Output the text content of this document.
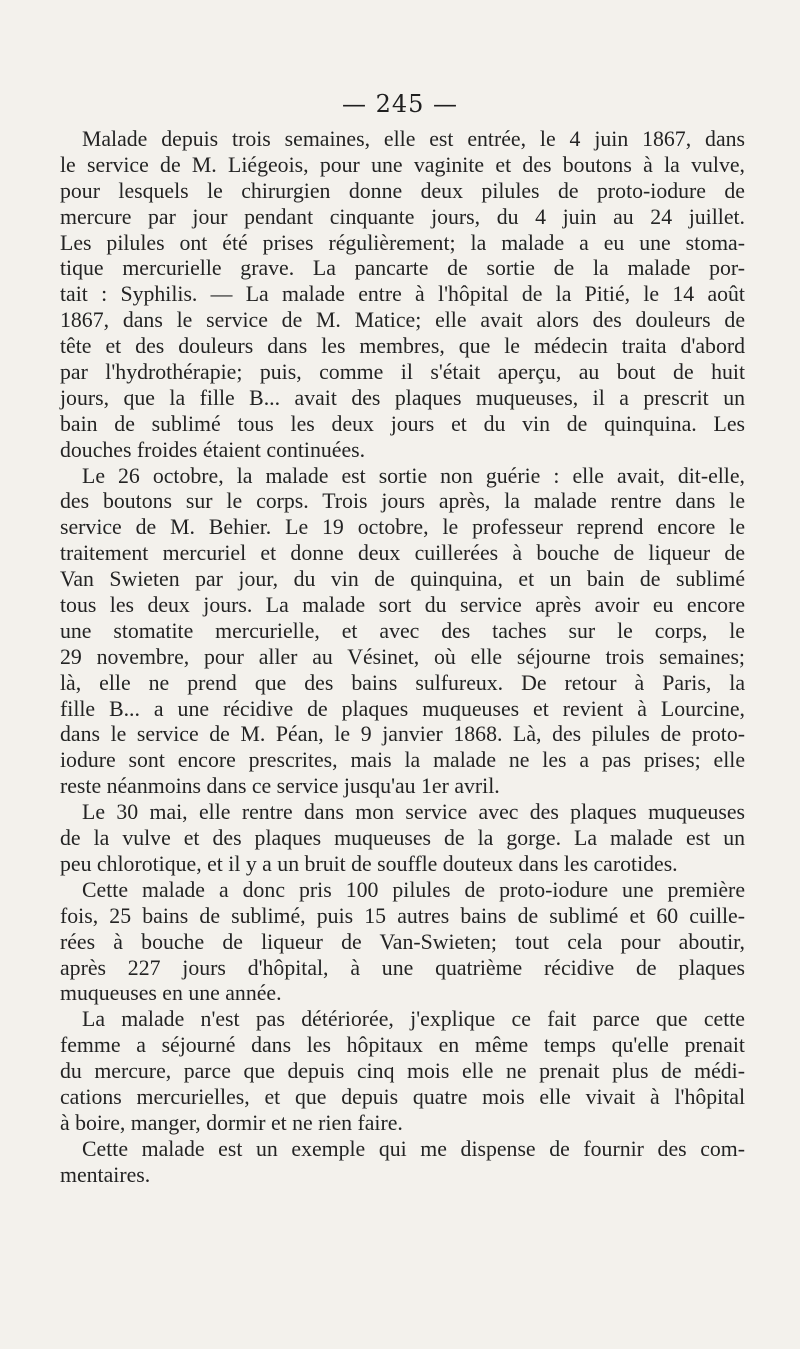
— 245 —
Malade depuis trois semaines, elle est entrée, le 4 juin 1867, dans
le service de M. Liégeois, pour une vaginite et des boutons à la vulve,
pour lesquels le chirurgien donne deux pilules de proto-iodure de
mercure par jour pendant cinquante jours, du 4 juin au 24 juillet.
Les pilules ont été prises régulièrement; la malade a eu une stoma-
tique mercurielle grave. La pancarte de sortie de la malade por-
tait : Syphilis. — La malade entre à l'hôpital de la Pitié, le 14 août
1867, dans le service de M. Matice; elle avait alors des douleurs de
tête et des douleurs dans les membres, que le médecin traita d'abord
par l'hydrothérapie; puis, comme il s'était aperçu, au bout de huit
jours, que la fille B... avait des plaques muqueuses, il a prescrit un
bain de sublimé tous les deux jours et du vin de quinquina. Les
douches froides étaient continuées.
Le 26 octobre, la malade est sortie non guérie : elle avait, dit-elle,
des boutons sur le corps. Trois jours après, la malade rentre dans le
service de M. Behier. Le 19 octobre, le professeur reprend encore le
traitement mercuriel et donne deux cuillerées à bouche de liqueur de
Van Swieten par jour, du vin de quinquina, et un bain de sublimé
tous les deux jours. La malade sort du service après avoir eu encore
une stomatite mercurielle, et avec des taches sur le corps, le
29 novembre, pour aller au Vésinet, où elle séjourne trois semaines;
là, elle ne prend que des bains sulfureux. De retour à Paris, la
fille B... a une récidive de plaques muqueuses et revient à Lourcine,
dans le service de M. Péan, le 9 janvier 1868. Là, des pilules de proto-
iodure sont encore prescrites, mais la malade ne les a pas prises; elle
reste néanmoins dans ce service jusqu'au 1er avril.
Le 30 mai, elle rentre dans mon service avec des plaques muqueuses
de la vulve et des plaques muqueuses de la gorge. La malade est un
peu chlorotique, et il y a un bruit de souffle douteux dans les carotides.
Cette malade a donc pris 100 pilules de proto-iodure une première
fois, 25 bains de sublimé, puis 15 autres bains de sublimé et 60 cuille-
rées à bouche de liqueur de Van-Swieten; tout cela pour aboutir,
après 227 jours d'hôpital, à une quatrième récidive de plaques
muqueuses en une année.
La malade n'est pas détériorée, j'explique ce fait parce que cette
femme a séjourné dans les hôpitaux en même temps qu'elle prenait
du mercure, parce que depuis cinq mois elle ne prenait plus de médi-
cations mercurielles, et que depuis quatre mois elle vivait à l'hôpital
à boire, manger, dormir et ne rien faire.
Cette malade est un exemple qui me dispense de fournir des com-
mentaires.
